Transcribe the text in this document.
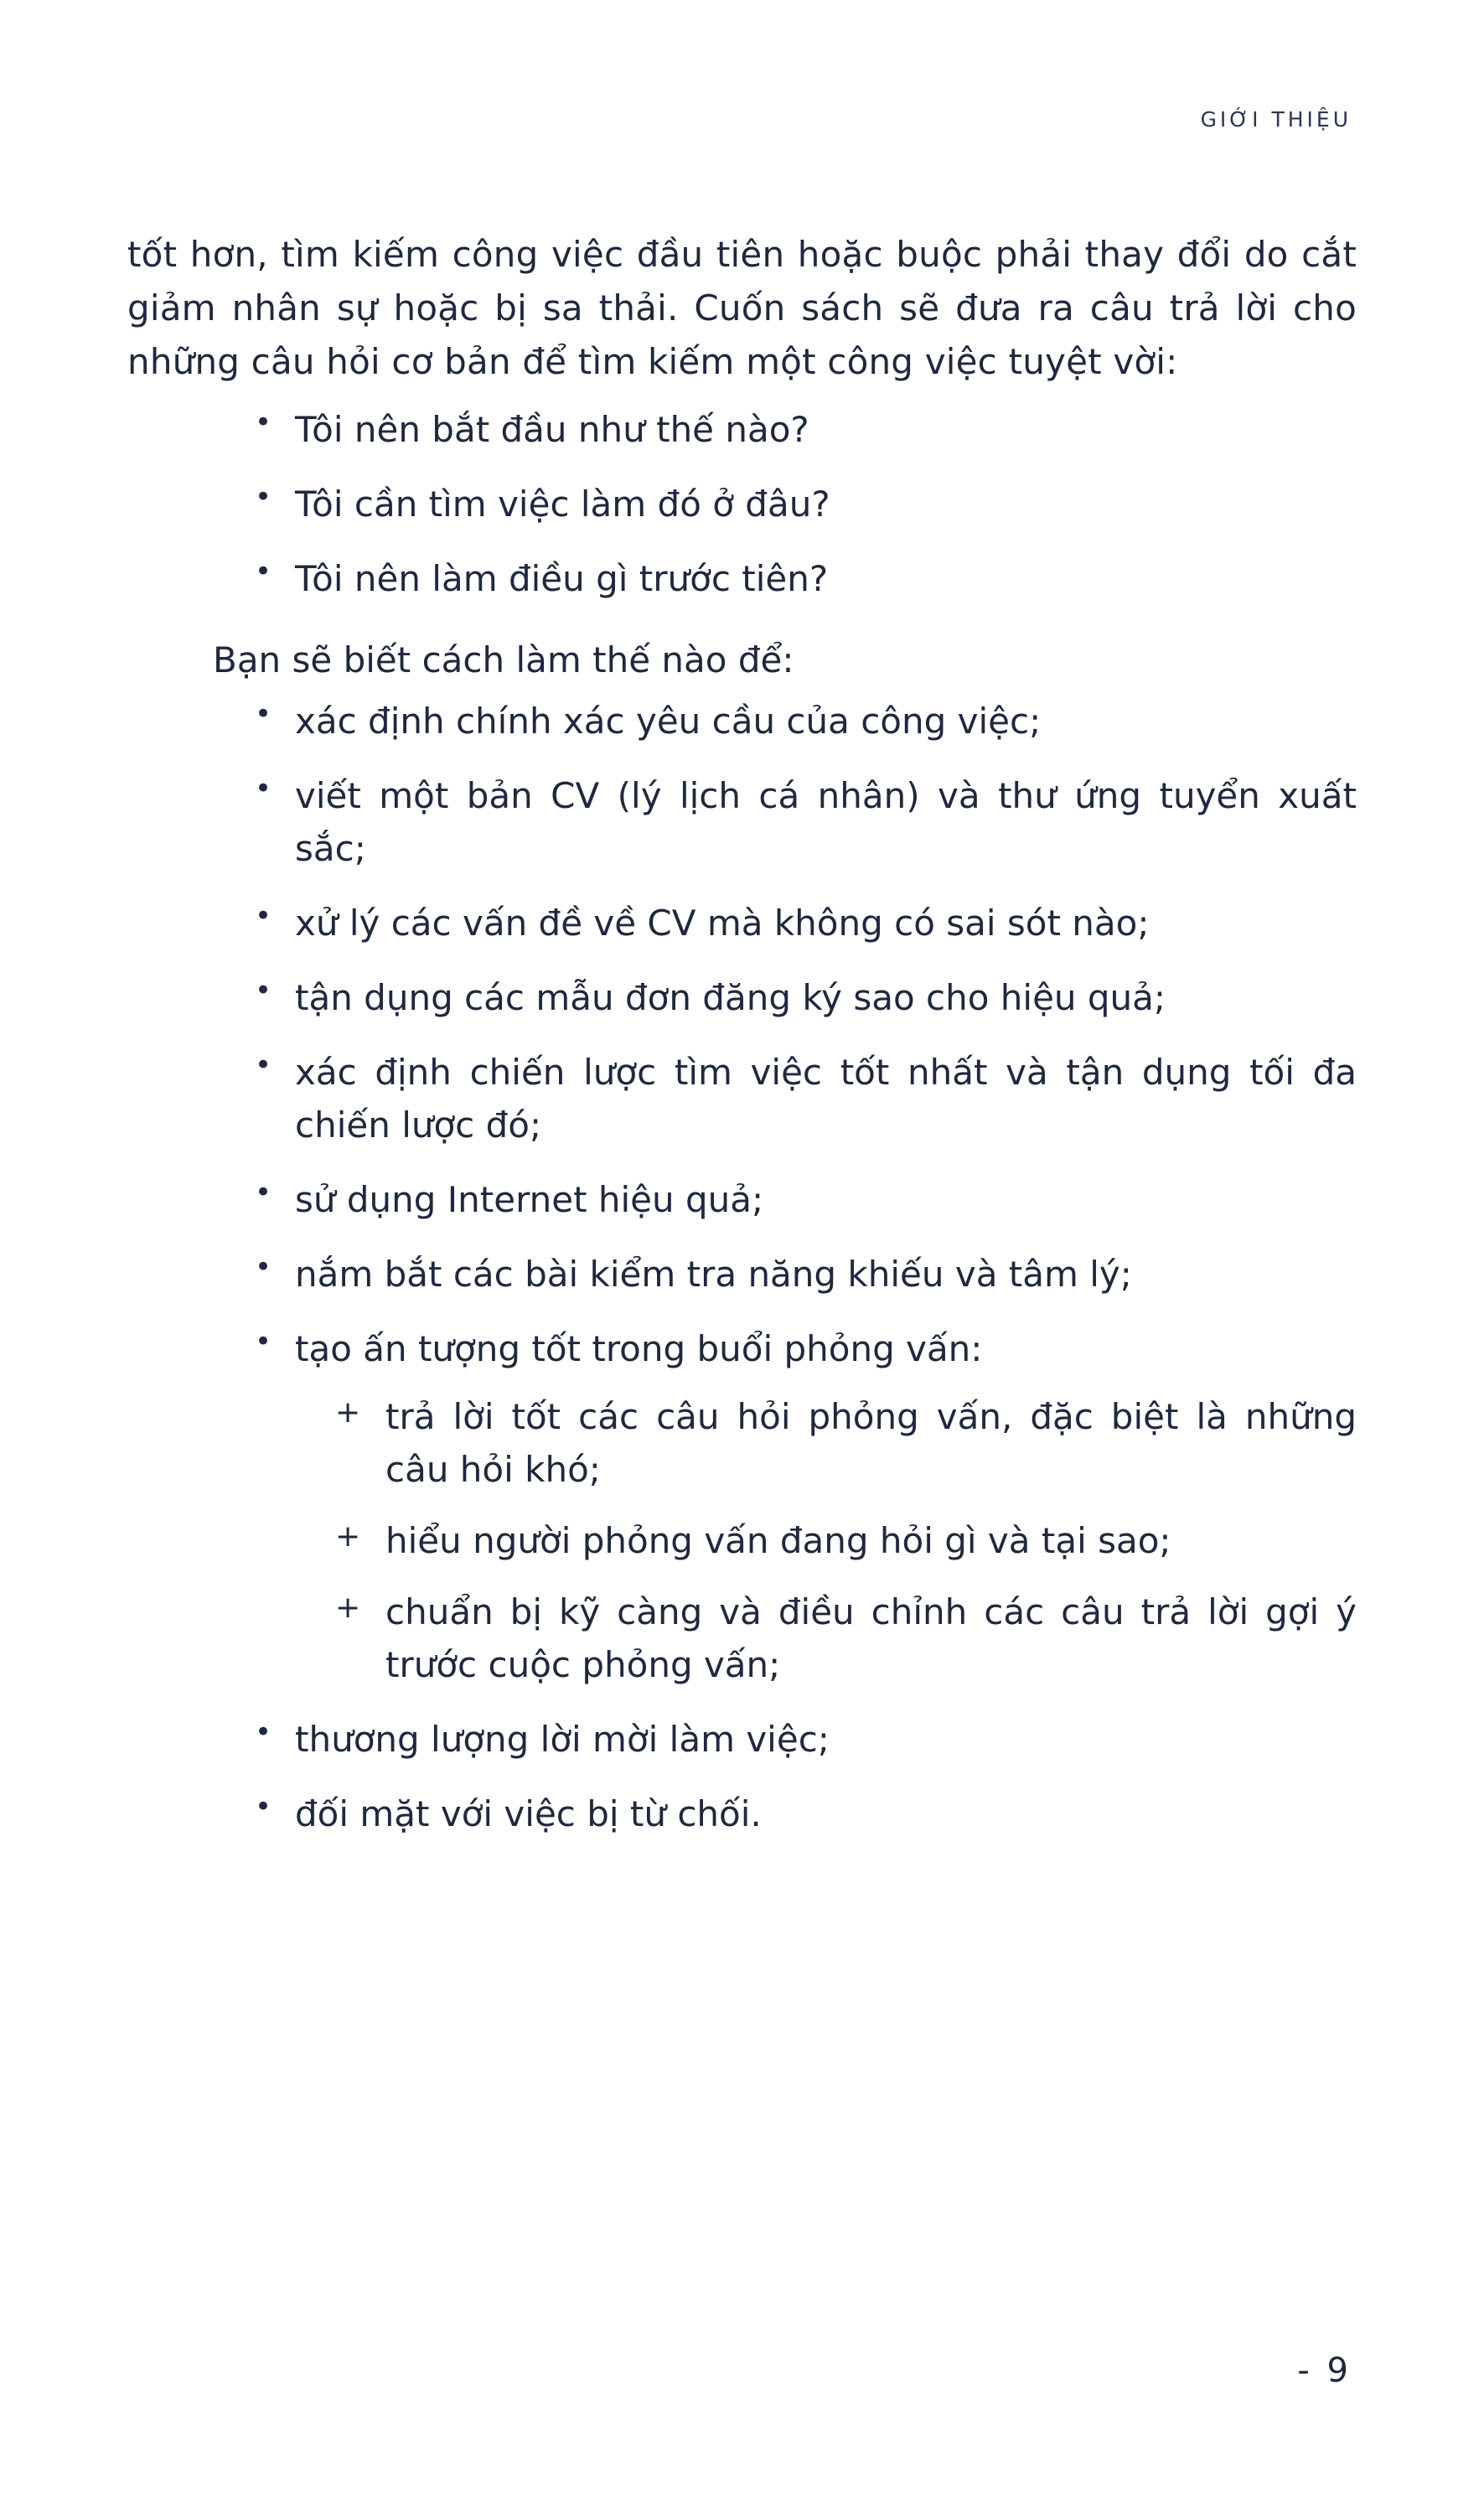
GIỚI THIỆU

tốt hơn, tìm kiếm công việc đầu tiên hoặc buộc phải thay đổi do cắt giảm nhân sự hoặc bị sa thải. Cuốn sách sẽ đưa ra câu trả lời cho những câu hỏi cơ bản để tìm kiếm một công việc tuyệt vời:

• Tôi nên bắt đầu như thế nào?
• Tôi cần tìm việc làm đó ở đâu?
• Tôi nên làm điều gì trước tiên?

Bạn sẽ biết cách làm thế nào để:

• xác định chính xác yêu cầu của công việc;
• viết một bản CV (lý lịch cá nhân) và thư ứng tuyển xuất sắc;
• xử lý các vấn đề về CV mà không có sai sót nào;
• tận dụng các mẫu đơn đăng ký sao cho hiệu quả;
• xác định chiến lược tìm việc tốt nhất và tận dụng tối đa chiến lược đó;
• sử dụng Internet hiệu quả;
• nắm bắt các bài kiểm tra năng khiếu và tâm lý;
• tạo ấn tượng tốt trong buổi phỏng vấn:
+ trả lời tốt các câu hỏi phỏng vấn, đặc biệt là những câu hỏi khó;
+ hiểu người phỏng vấn đang hỏi gì và tại sao;
+ chuẩn bị kỹ càng và điều chỉnh các câu trả lời gợi ý trước cuộc phỏng vấn;
• thương lượng lời mời làm việc;
• đối mặt với việc bị từ chối.
- 9
